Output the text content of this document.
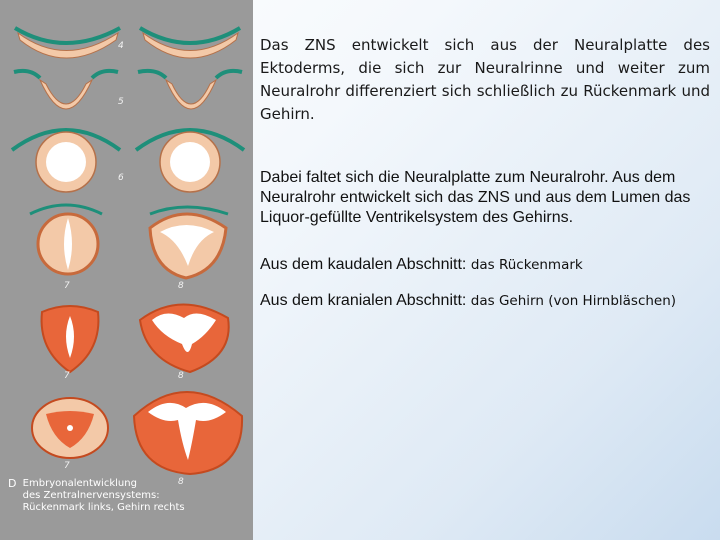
4
5
6
7	8
7	8
7
8
D Embryonalentwicklung
des Zentralnervensystems:
Rückenmark links, Gehirn rechts

Das ZNS entwickelt sich aus der Neuralplatte des Ektoderms, die sich zur Neuralrinne und weiter zum Neuralrohr differenziert sich schließlich zu Rückenmark und Gehirn.

Dabei faltet sich die Neuralplatte zum Neuralrohr. Aus dem Neuralrohr entwickelt sich das ZNS und aus dem Lumen das Liquor-gefüllte Ventrikelsystem des Gehirns.

Aus dem kaudalen Abschnitt: das Rückenmark

Aus dem kranialen Abschnitt: das Gehirn (von Hirnbläschen)
